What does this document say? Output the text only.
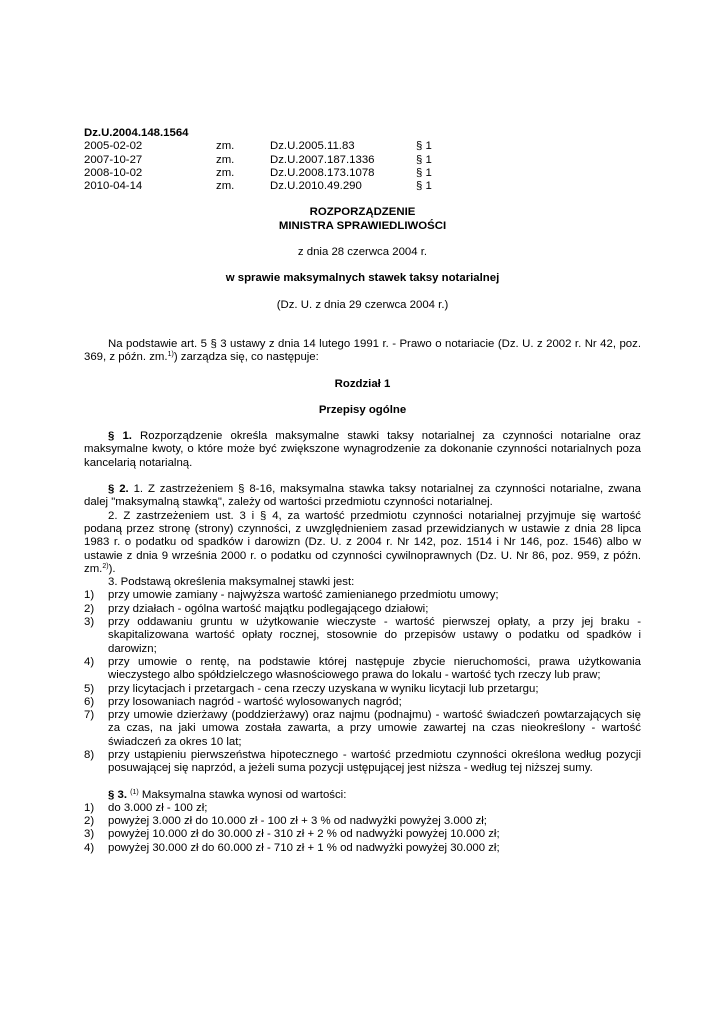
Dz.U.2004.148.1564
2005-02-02	zm.	Dz.U.2005.11.83	§ 1
2007-10-27	zm.	Dz.U.2007.187.1336	§ 1
2008-10-02	zm.	Dz.U.2008.173.1078	§ 1
2010-04-14	zm.	Dz.U.2010.49.290	§ 1
ROZPORZĄDZENIE
MINISTRA SPRAWIEDLIWOŚCI
z dnia 28 czerwca 2004 r.
w sprawie maksymalnych stawek taksy notarialnej
(Dz. U. z dnia 29 czerwca 2004 r.)
Na podstawie art. 5 § 3 ustawy z dnia 14 lutego 1991 r. - Prawo o notariacie (Dz. U. z 2002 r. Nr 42, poz. 369, z późn. zm.$^{1)}$) zarządza się, co następuje:
Rozdział 1
Przepisy ogólne
§ 1. Rozporządzenie określa maksymalne stawki taksy notarialnej za czynności notarialne oraz maksymalne kwoty, o które może być zwiększone wynagrodzenie za dokonanie czynności notarialnych poza kancelarią notarialną.
§ 2. 1. Z zastrzeżeniem § 8-16, maksymalna stawka taksy notarialnej za czynności notarialne, zwana dalej "maksymalną stawką", zależy od wartości przedmiotu czynności notarialnej.
2. Z zastrzeżeniem ust. 3 i § 4, za wartość przedmiotu czynności notarialnej przyjmuje się wartość podaną przez stronę (strony) czynności, z uwzględnieniem zasad przewidzianych w ustawie z dnia 28 lipca 1983 r. o podatku od spadków i darowizn (Dz. U. z 2004 r. Nr 142, poz. 1514 i Nr 146, poz. 1546) albo w ustawie z dnia 9 września 2000 r. o podatku od czynności cywilnoprawnych (Dz. U. Nr 86, poz. 959, z późn. zm.$^{2)}$).
3. Podstawą określenia maksymalnej stawki jest:
1)	przy umowie zamiany - najwyższa wartość zamienianego przedmiotu umowy;
2)	przy działach - ogólna wartość majątku podlegającego działowi;
3)	przy oddawaniu gruntu w użytkowanie wieczyste - wartość pierwszej opłaty, a przy jej braku - skapitalizowana wartość opłaty rocznej, stosownie do przepisów ustawy o podatku od spadków i darowizn;
4)	przy umowie o rentę, na podstawie której następuje zbycie nieruchomości, prawa użytkowania wieczystego albo spółdzielczego własnościowego prawa do lokalu - wartość tych rzeczy lub praw;
5)	przy licytacjach i przetargach - cena rzeczy uzyskana w wyniku licytacji lub przetargu;
6)	przy losowaniach nagród - wartość wylosowanych nagród;
7)	przy umowie dzierżawy (poddzierżawy) oraz najmu (podnajmu) - wartość świadczeń powtarzających się za czas, na jaki umowa została zawarta, a przy umowie zawartej na czas nieokreślony - wartość świadczeń za okres 10 lat;
8)	przy ustąpieniu pierwszeństwa hipotecznego - wartość przedmiotu czynności określona według pozycji posuwającej się naprzód, a jeżeli suma pozycji ustępującej jest niższa - według tej niższej sumy.
§ 3. $^{(1)}$ Maksymalna stawka wynosi od wartości:
1)	do 3.000 zł - 100 zł;
2)	powyżej 3.000 zł do 10.000 zł - 100 zł + 3 % od nadwyżki powyżej 3.000 zł;
3)	powyżej 10.000 zł do 30.000 zł - 310 zł + 2 % od nadwyżki powyżej 10.000 zł;
4)	powyżej 30.000 zł do 60.000 zł - 710 zł + 1 % od nadwyżki powyżej 30.000 zł;
